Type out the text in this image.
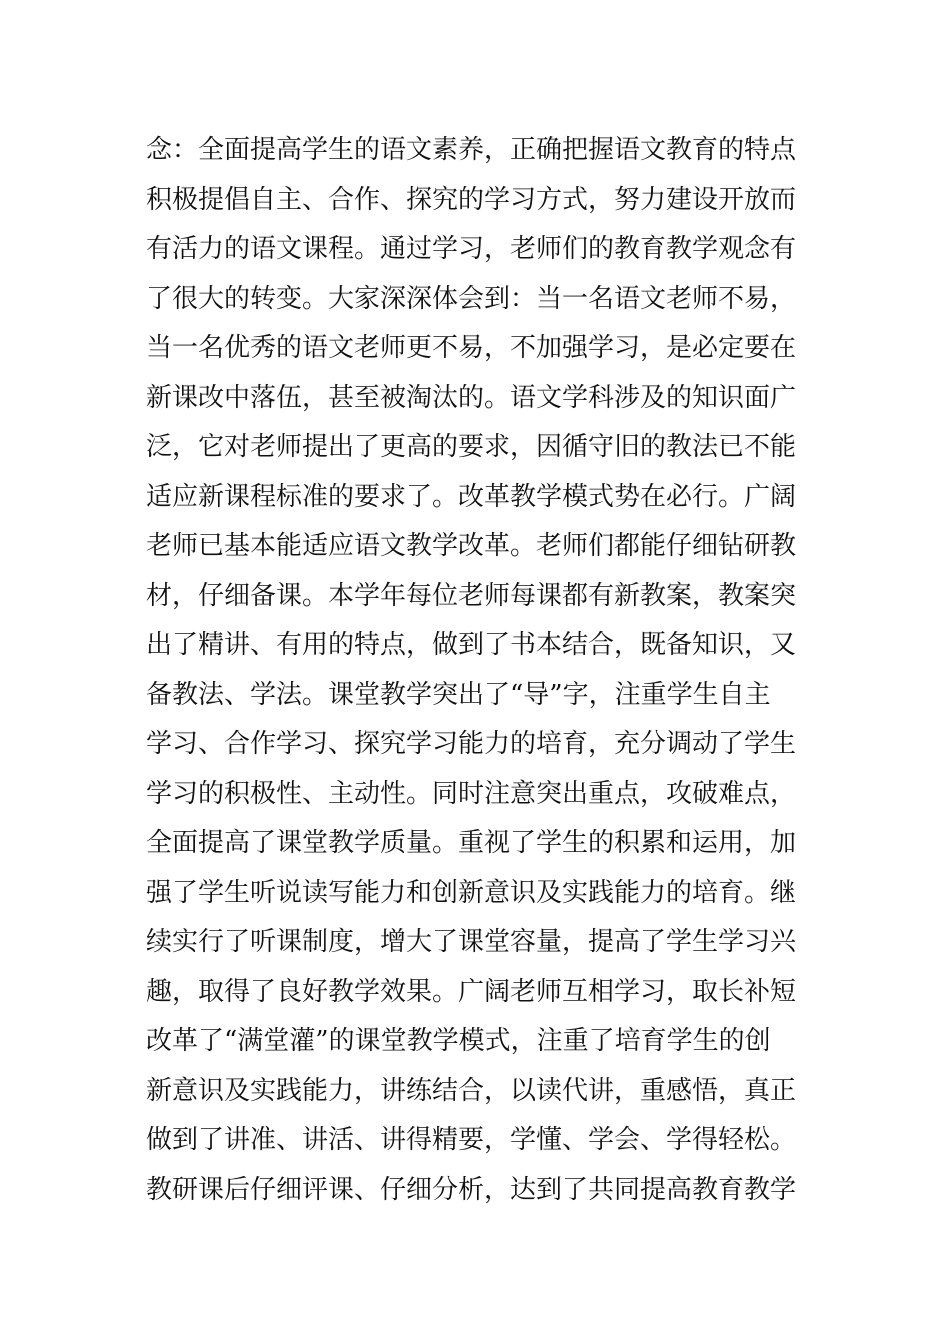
念：全面提高学生的语文素养，正确把握语文教育的特点
积极提倡自主、合作、探究的学习方式，努力建设开放而
有活力的语文课程。通过学习，老师们的教育教学观念有
了很大的转变。大家深深体会到：当一名语文老师不易，
当一名优秀的语文老师更不易，不加强学习，是必定要在
新课改中落伍，甚至被淘汰的。语文学科涉及的知识面广
泛，它对老师提出了更高的要求，因循守旧的教法已不能
适应新课程标准的要求了。改革教学模式势在必行。广阔
老师已基本能适应语文教学改革。老师们都能仔细钻研教
材，仔细备课。本学年每位老师每课都有新教案，教案突
出了精讲、有用的特点，做到了书本结合，既备知识，又
备教法、学法。课堂教学突出了“导”字，注重学生自主
学习、合作学习、探究学习能力的培育，充分调动了学生
学习的积极性、主动性。同时注意突出重点，攻破难点，
全面提高了课堂教学质量。重视了学生的积累和运用，加
强了学生听说读写能力和创新意识及实践能力的培育。继
续实行了听课制度，增大了课堂容量，提高了学生学习兴
趣，取得了良好教学效果。广阔老师互相学习，取长补短
改革了“满堂灌”的课堂教学模式，注重了培育学生的创
新意识及实践能力，讲练结合，以读代讲，重感悟，真正
做到了讲准、讲活、讲得精要，学懂、学会、学得轻松。
教研课后仔细评课、仔细分析，达到了共同提高教育教学
